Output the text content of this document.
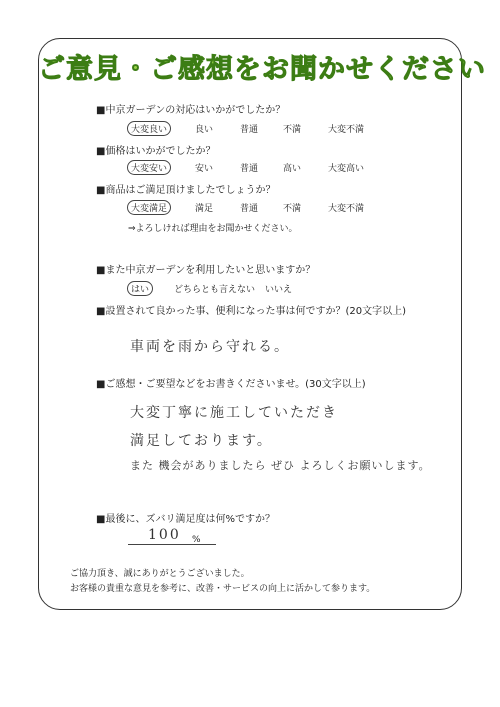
ご意見・ご感想をお聞かせください
■中京ガーデンの対応はいかがでしたか？
大変良い	良い	普通	不満	大変不満
■価格はいかがでしたか？
大変安い	安い	普通	高い	大変高い
■商品はご満足頂けましたでしょうか？
大変満足	満足	普通	不満	大変不満
⇒よろしければ理由をお聞かせください。
■また中京ガーデンを利用したいと思いますか？
はい	どちらとも言えない いいえ
■設置されて良かった事、便利になった事は何ですか？(20文字以上)
車両を雨から守れる。
■ご感想・ご要望などをお書きくださいませ。(30文字以上)
大変丁寧に施工していただき
満足しております。
また 機会がありましたら ぜひ よろしくお願いします。
■最後に、ズバリ満足度は何%ですか？
100 %
ご協力頂き、誠にありがとうございました。
お客様の貴重な意見を参考に、改善・サービスの向上に活かして参ります。
